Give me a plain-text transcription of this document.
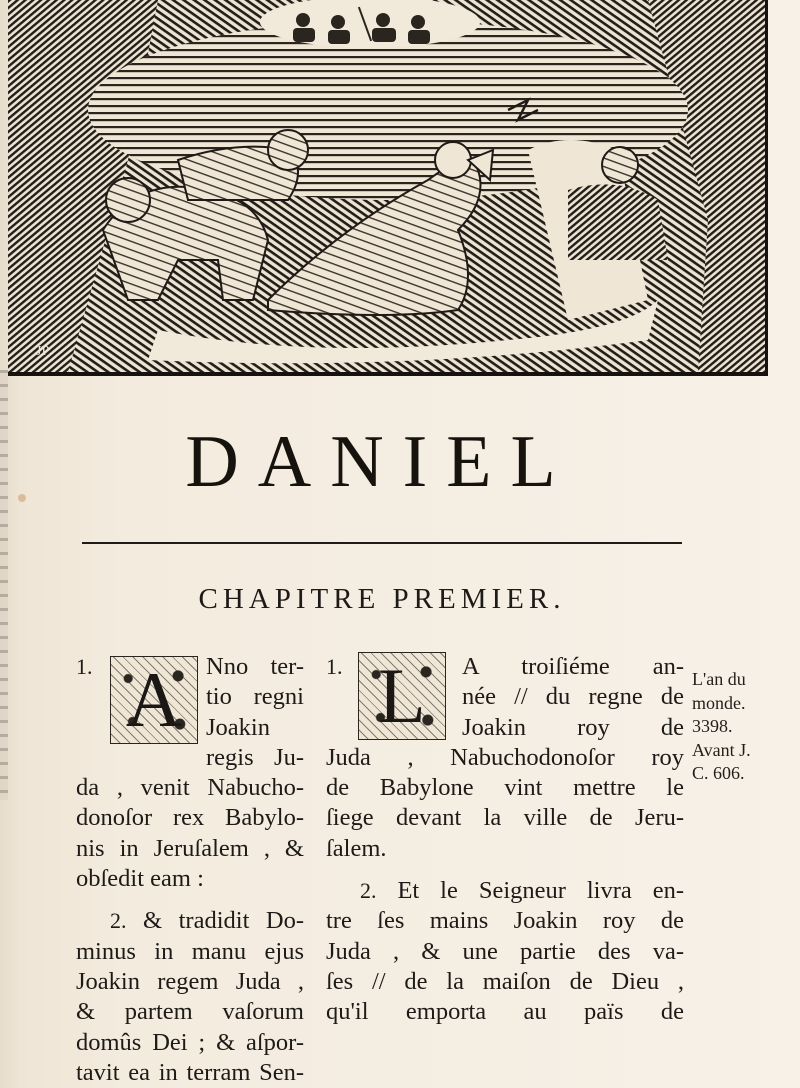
JP
DANIEL
CHAPITRE PREMIER.
1. A Nno ter-
tio regni
Joakin
regis Ju-
da , venit Nabucho-
donoſor rex Babylo-
nis in Jeruſalem , &
obſedit eam :
2. & tradidit Do-
minus in manu ejus
Joakin regem Juda ,
& partem vaſorum
domûs Dei ; & aſpor-
tavit ea in terram Sen-
1. L	A troiſiéme an-
née // du regne de
Joakin roy de
Juda , Nabuchodonoſor roy
de Babylone vint mettre le
ſiege devant la ville de Jeru-
ſalem.
2. Et le Seigneur livra en-
tre ſes mains Joakin roy de
Juda , & une partie des va-
ſes // de la maiſon de Dieu ,
qu'il emporta au païs de
L'an du
monde.
3398.
Avant J.
C. 606.
